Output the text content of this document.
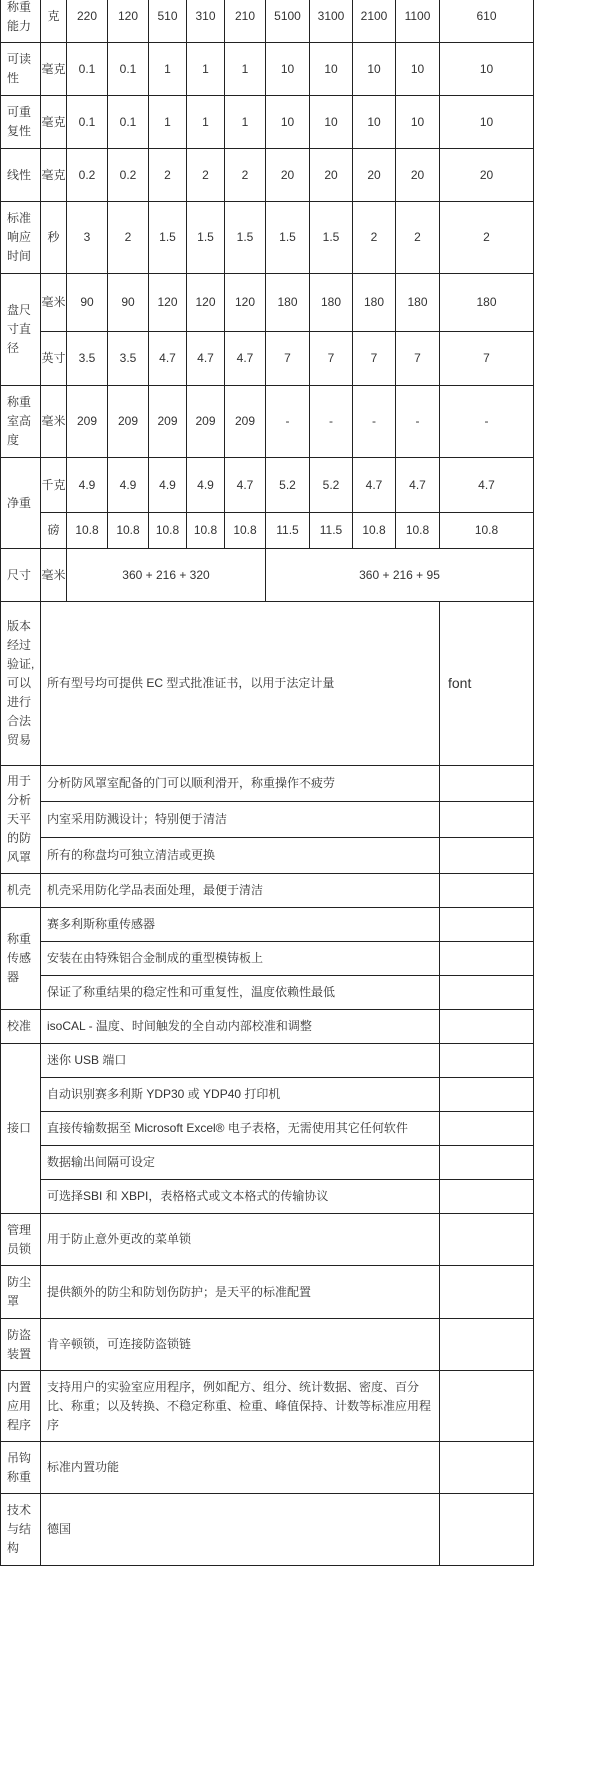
称重能力	克	220	120	510	310	210	5100	3100	2100	1100	610
可读性	毫克	0.1	0.1	1	1	1	10	10	10	10	10
可重复性	毫克	0.1	0.1	1	1	1	10	10	10	10	10
线性	毫克	0.2	0.2	2	2	2	20	20	20	20	20
标准响应时间	秒	3	2	1.5	1.5	1.5	1.5	1.5	2	2	2
盘尺寸直径	毫米	90	90	120	120	120	180	180	180	180	180
	英寸	3.5	3.5	4.7	4.7	4.7	7	7	7	7	7
称重室高度	毫米	209	209	209	209	209	-	-	-	-	-
净重	千克	4.9	4.9	4.9	4.9	4.7	5.2	5.2	4.7	4.7	4.7
	磅	10.8	10.8	10.8	10.8	10.8	11.5	11.5	10.8	10.8	10.8
尺寸	毫米	360 + 216 + 320					360 + 216 + 95				
版本经过验证,可以进行合法贸易	所有型号均可提供 EC 型式批准证书，以用于法定计量										font
用于分析天平的防风罩	分析防风罩室配备的门可以顺利滑开，称重操作不疲劳										
	内室采用防溅设计；特别便于清洁										
	所有的称盘均可独立清洁或更换										
机壳	机壳采用防化学品表面处理，最便于清洁										
称重传感器	赛多利斯称重传感器										
	安装在由特殊铝合金制成的重型模铸板上										
	保证了称重结果的稳定性和可重复性，温度依赖性最低										
校准	isoCAL - 温度、时间触发的全自动内部校准和调整										
接口	迷你 USB 端口										
	自动识别赛多利斯 YDP30 或 YDP40 打印机										
	直接传输数据至 Microsoft Excel® 电子表格，无需使用其它任何软件										
	数据输出间隔可设定										
	可选择SBI 和 XBPI，表格格式或文本格式的传输协议										
管理员锁	用于防止意外更改的菜单锁										
防尘罩	提供额外的防尘和防划伤防护；是天平的标准配置										
防盗装置	肯辛顿锁，可连接防盗锁链										
内置应用程序	支持用户的实验室应用程序，例如配方、组分、统计数据、密度、百分比、称重；以及转换、不稳定称重、检重、峰值保持、计数等标准应用程序										
吊钩称重	标准内置功能										
技术与结构	德国										
